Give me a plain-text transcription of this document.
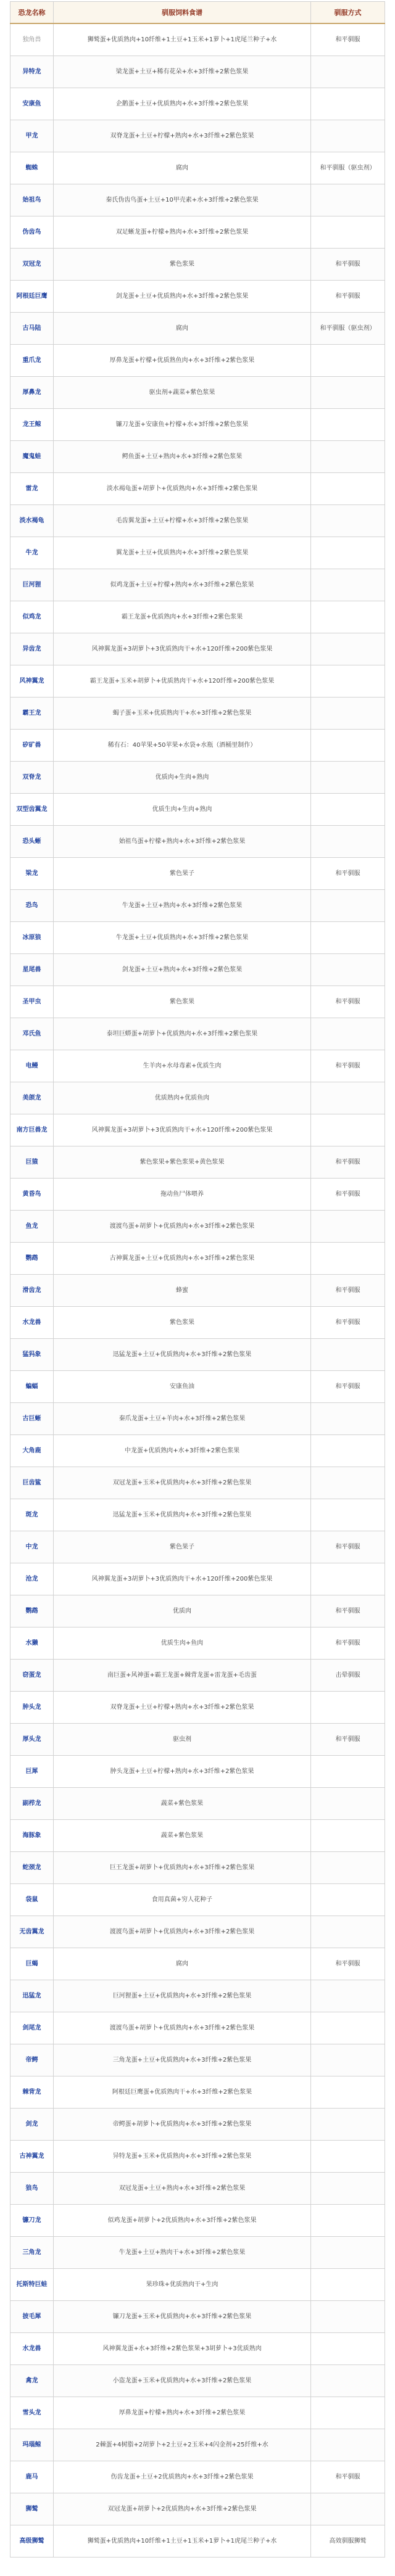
恐龙名称	驯服饲料食谱	驯服方式
独角兽	狮鹫蛋+优质熟肉+10纤维+1土豆+1玉米+1萝卜+1虎尾兰种子+水	和平驯服
异特龙	梁龙蛋+土豆+稀有花朵+水+3纤维+2紫色浆果	
安康鱼	企鹅蛋+土豆+优质熟肉+水+3纤维+2紫色浆果	
甲龙	双脊龙蛋+土豆+柠檬+熟肉+水+3纤维+2紫色浆果	
蜘蛛	腐肉	和平驯服（驱虫剂）
始祖鸟	秦氏伪齿鸟蛋+土豆+10甲壳素+水+3纤维+2紫色浆果	
伪齿鸟	双足蜥龙蛋+柠檬+熟肉+水+3纤维+2紫色浆果	
双冠龙	紫色浆果	和平驯服
阿根廷巨鹰	剑龙蛋+土豆+优质熟肉+水+3纤维+2紫色浆果	和平驯服
古马陆	腐肉	和平驯服（驱虫剂）
重爪龙	厚鼻龙蛋+柠檬+优质熟鱼肉+水+3纤维+2紫色浆果	
厚鼻龙	驱虫剂+蔬菜+紫色浆果	
龙王鲸	镰刀龙蛋+安康鱼+柠檬+水+3纤维+2紫色浆果	
魔鬼蛙	鳄鱼蛋+土豆+熟肉+水+3纤维+2紫色浆果	
雷龙	淡水褐龟蛋+胡萝卜+优质熟肉+水+3纤维+2紫色浆果	
淡水褐龟	毛齿翼龙蛋+土豆+柠檬+水+3纤维+2紫色浆果	
牛龙	翼龙蛋+土豆+优质熟肉+水+3纤维+2紫色浆果	
巨河狸	似鸡龙蛋+土豆+柠檬+熟肉+水+3纤维+2紫色浆果	
似鸡龙	霸王龙蛋+优质熟肉+水+3纤维+2紫色浆果	
异齿龙	风神翼龙蛋+3胡萝卜+3优质熟肉干+水+120纤维+200紫色浆果	
风神翼龙	霸王龙蛋+玉米+胡萝卜+优质熟肉干+水+120纤维+200紫色浆果	
霸王龙	蝎子蛋+玉米+优质熟肉干+水+3纤维+2紫色浆果	
矽矿兽	稀有石：40苹果+50苹果+水袋+水瓶（酒桶里制作）	
双脊龙	优质肉+生肉+熟肉	
双型齿翼龙	优质生肉+生肉+熟肉	
恐头蜥	始祖鸟蛋+柠檬+熟肉+水+3纤维+2紫色浆果	
梁龙	紫色果子	和平驯服
恐鸟	牛龙蛋+土豆+熟肉+水+3纤维+2紫色浆果	
冰原狼	牛龙蛋+土豆+优质熟肉+水+3纤维+2紫色浆果	
星尾兽	剑龙蛋+土豆+熟肉+水+3纤维+2紫色浆果	
圣甲虫	紫色浆果	和平驯服
邓氏鱼	泰坦巨蟒蛋+胡萝卜+优质熟肉+水+3纤维+2紫色浆果	
电鳗	生羊肉+水母毒素+优质生肉	和平驯服
美颌龙	优质熟肉+优质鱼肉	
南方巨兽龙	风神翼龙蛋+3胡萝卜+3优质熟肉干+水+120纤维+200紫色浆果	
巨猿	紫色浆果+紫色浆果+黄色浆果	和平驯服
黄昏鸟	拖动鱼尸体喂养	和平驯服
鱼龙	渡渡鸟蛋+胡萝卜+优质熟肉+水+3纤维+2紫色浆果	
鹦鹉	古神翼龙蛋+土豆+优质熟肉+水+3纤维+2紫色浆果	
滑齿龙	蜂蜜	和平驯服
水龙兽	紫色浆果	和平驯服
猛犸象	迅猛龙蛋+土豆+优质熟肉+水+3纤维+2紫色浆果	
蝙蝠	安康鱼油	和平驯服
古巨蜥	秦爪龙蛋+土豆+羊肉+水+3纤维+2紫色浆果	
大角鹿	中龙蛋+优质熟肉+水+3纤维+2紫色浆果	
巨齿鲨	双冠龙蛋+玉米+优质熟肉+水+3纤维+2紫色浆果	
斑龙	迅猛龙蛋+玉米+优质熟肉+水+3纤维+2紫色浆果	
中龙	紫色果子	和平驯服
沧龙	风神翼龙蛋+3胡萝卜+3优质熟肉干+水+120纤维+200紫色浆果	
鹦鹉	优质肉	和平驯服
水獭	优质生肉+鱼肉	和平驯服
窃蛋龙	南巨蛋+风神蛋+霸王龙蛋+棘背龙蛋+雷龙蛋+毛齿蛋	击晕驯服
肿头龙	双脊龙蛋+土豆+柠檬+熟肉+水+3纤维+2紫色浆果	
厚头龙	驱虫剂	和平驯服
巨犀	肿头龙蛋+土豆+柠檬+熟肉+水+3纤维+2紫色浆果	
副栉龙	蔬菜+紫色浆果	
海豚象	蔬菜+紫色浆果	
蛇颈龙	巨王龙蛋+胡萝卜+优质熟肉+水+3纤维+2紫色浆果	
袋鼠	食用真菌+穷人花种子	
无齿翼龙	渡渡鸟蛋+胡萝卜+优质熟肉+水+3纤维+2紫色浆果	
巨蝎	腐肉	和平驯服
迅猛龙	巨河狸蛋+土豆+优质熟肉+水+3纤维+2紫色浆果	
剑尾龙	渡渡鸟蛋+胡萝卜+优质熟肉+水+3纤维+2紫色浆果	
帝鳄	三角龙蛋+土豆+优质熟肉+水+3纤维+2紫色浆果	
棘背龙	阿根廷巨鹰蛋+优质熟肉干+水+3纤维+2紫色浆果	
剑龙	帝鳄蛋+胡萝卜+优质熟肉+水+3纤维+2紫色浆果	
古神翼龙	异特龙蛋+玉米+优质熟肉+水+3纤维+2紫色浆果	
狼鸟	双冠龙蛋+土豆+熟肉+水+3纤维+2紫色浆果	
镰刀龙	似鸡龙蛋+胡萝卜+2优质熟肉+水+3纤维+2紫色浆果	
三角龙	牛龙蛋+土豆+熟肉干+水+3纤维+2紫色浆果	
托斯特巨蛙	果珍珠+优质熟肉干+生肉	
披毛犀	镰刀龙蛋+玉米+优质熟肉+水+3纤维+2紫色浆果	
水龙兽	风神翼龙蛋+水+3纤维+2紫色浆果+3胡萝卜+3优质熟肉	
禽龙	小盗龙蛋+玉米+优质熟肉+水+3纤维+2紫色浆果	
雪头龙	厚鼻龙蛋+柠檬+熟肉+水+3纤维+2紫色浆果	
玛瑙鲸	2棘蛋+4树脂+2胡萝卜+2土豆+2玉米+4闪金剂+25纤维+水	
鹿马	伤齿龙蛋+土豆+2优质熟肉+水+3纤维+2紫色浆果	和平驯服
狮鹫	双冠龙蛋+胡萝卜+2优质熟肉+水+3纤维+2紫色浆果	
高级狮鹫	狮鹫蛋+优质熟肉+10纤维+1土豆+1玉米+1萝卜+1虎尾兰种子+水	高效驯服狮鹫
